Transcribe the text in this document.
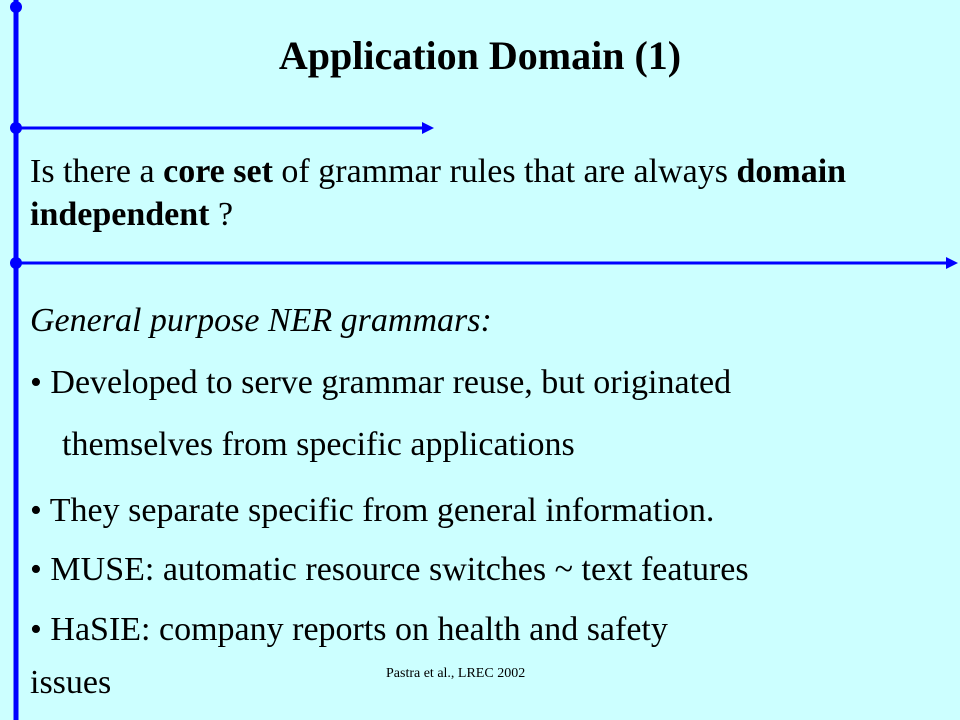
Application Domain (1)
Is there a core set of grammar rules that are always domain independent ?
General purpose NER grammars:
• Developed to serve grammar reuse, but originated
themselves from specific applications
• They separate specific from general information.
• MUSE: automatic resource switches ~ text features
• HaSIE: company reports on health and safety
issues	Pastra et al., LREC 2002
